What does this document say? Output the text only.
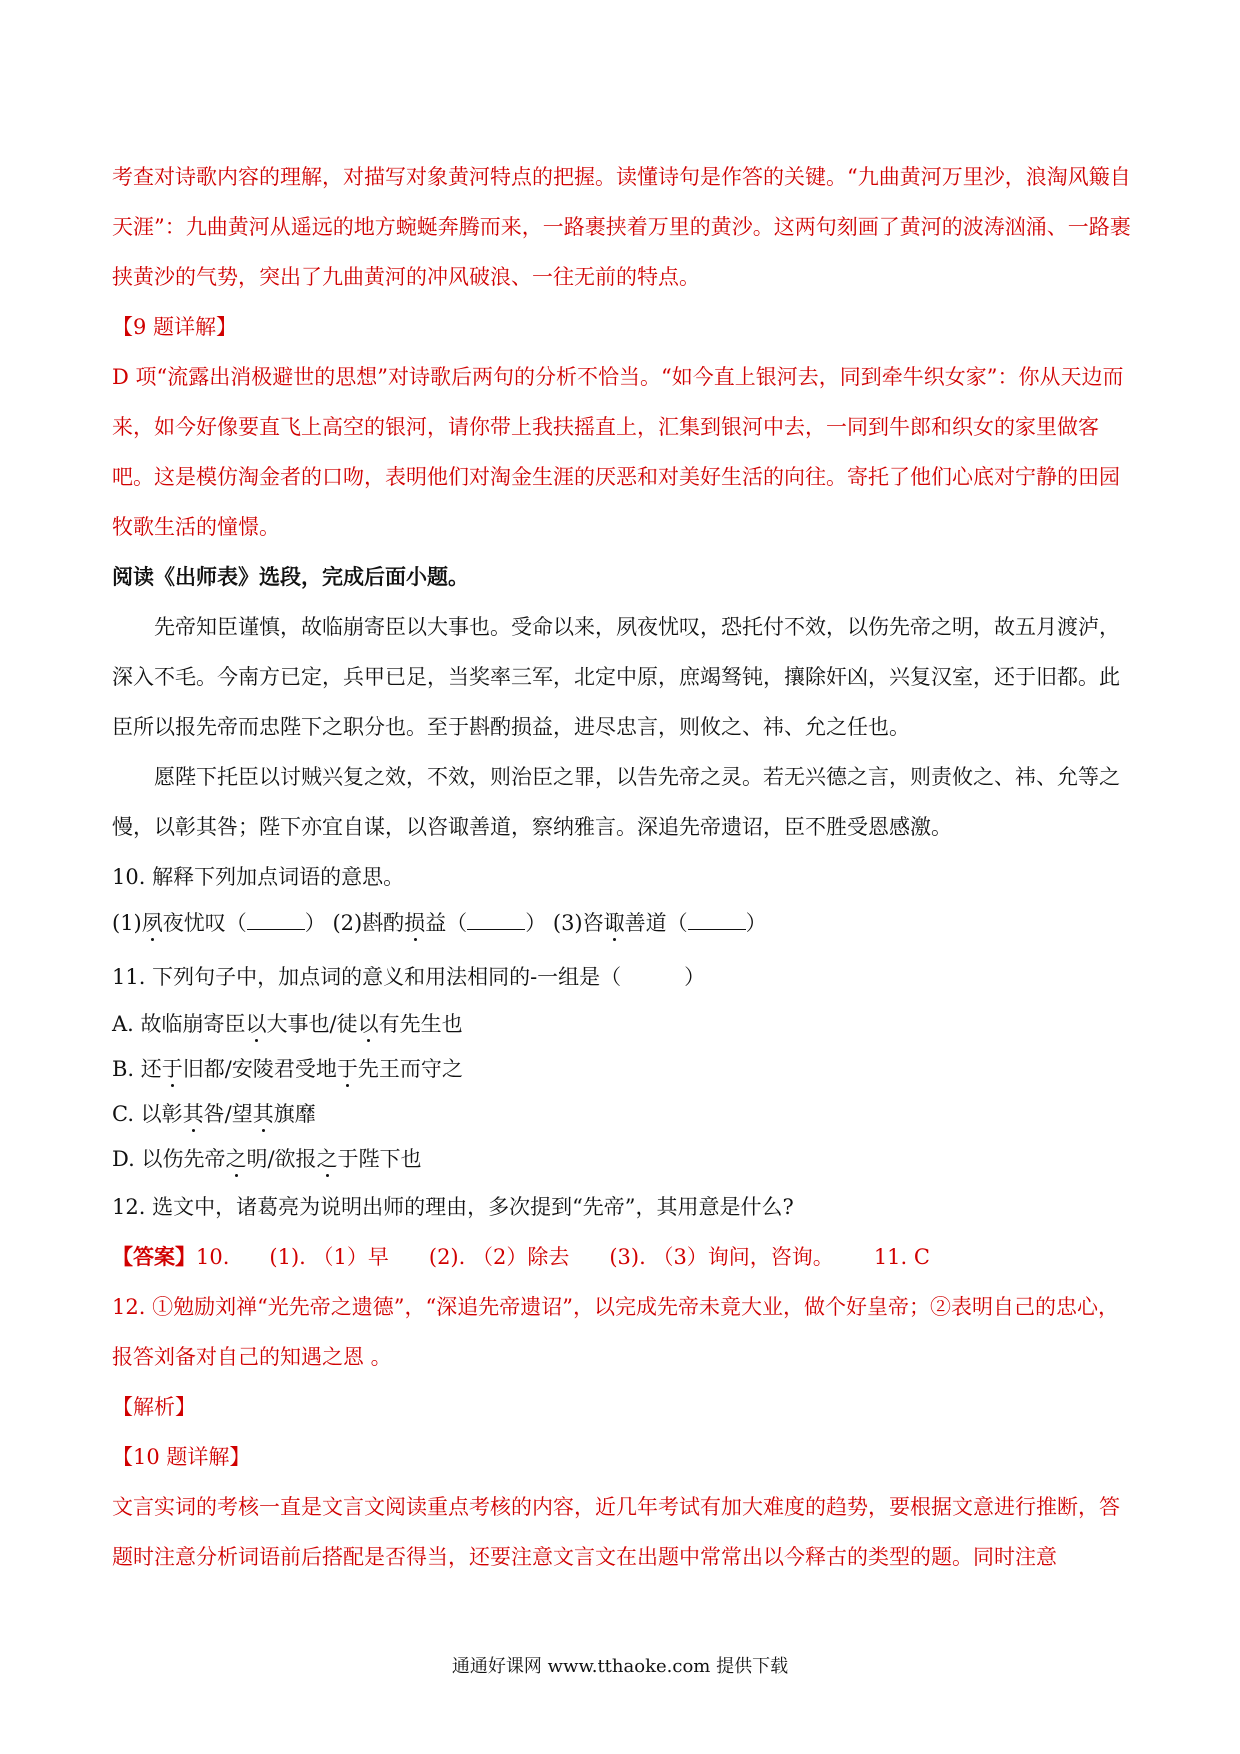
考查对诗歌内容的理解，对描写对象黄河特点的把握。读懂诗句是作答的关键。“九曲黄河万里沙，浪淘风簸自天涯”：九曲黄河从遥远的地方蜿蜒奔腾而来，一路裹挟着万里的黄沙。这两句刻画了黄河的波涛汹涌、一路裹挟黄沙的气势，突出了九曲黄河的冲风破浪、一往无前的特点。

【9 题详解】

D 项“流露出消极避世的思想”对诗歌后两句的分析不恰当。“如今直上银河去，同到牵牛织女家”：你从天边而来，如今好像要直飞上高空的银河，请你带上我扶摇直上，汇集到银河中去，一同到牛郎和织女的家里做客吧。这是模仿淘金者的口吻，表明他们对淘金生涯的厌恶和对美好生活的向往。寄托了他们心底对宁静的田园牧歌生活的憧憬。

阅读《出师表》选段，完成后面小题。

先帝知臣谨慎，故临崩寄臣以大事也。受命以来，夙夜忧叹，恐托付不效，以伤先帝之明，故五月渡泸，深入不毛。今南方已定，兵甲已足，当奖率三军，北定中原，庶竭驽钝，攘除奸凶，兴复汉室，还于旧都。此臣所以报先帝而忠陛下之职分也。至于斟酌损益，进尽忠言，则攸之、祎、允之任也。

愿陛下托臣以讨贼兴复之效，不效，则治臣之罪，以告先帝之灵。若无兴德之言，则责攸之、祎、允等之慢，以彰其咎；陛下亦宜自谋，以咨诹善道，察纳雅言。深追先帝遗诏，臣不胜受恩感激。

10. 解释下列加点词语的意思。

(1)夙夜忧叹（	） (2)斟酌损益（	） (3)咨诹善道（	）

11. 下列句子中，加点词的意义和用法相同的-一组是（　　　）

A. 故临崩寄臣以大事也/徒以有先生也

B. 还于旧都/安陵君受地于先王而守之

C. 以彰其咎/望其旗靡

D. 以伤先帝之明/欲报之于陛下也

12. 选文中，诸葛亮为说明出师的理由，多次提到“先帝”，其用意是什么?

【答案】10. (1). （1）早 (2). （2）除去 (3). （3）询问，咨询。 11. C

12. ①勉励刘禅“光先帝之遗德”，“深追先帝遗诏”，以完成先帝未竟大业，做个好皇帝；②表明自己的忠心，报答刘备对自己的知遇之恩 。

【解析】

【10 题详解】

文言实词的考核一直是文言文阅读重点考核的内容，近几年考试有加大难度的趋势，要根据文意进行推断，答题时注意分析词语前后搭配是否得当，还要注意文言文在出题中常常出以今释古的类型的题。同时注意

通通好课网 www.tthaoke.com 提供下载
